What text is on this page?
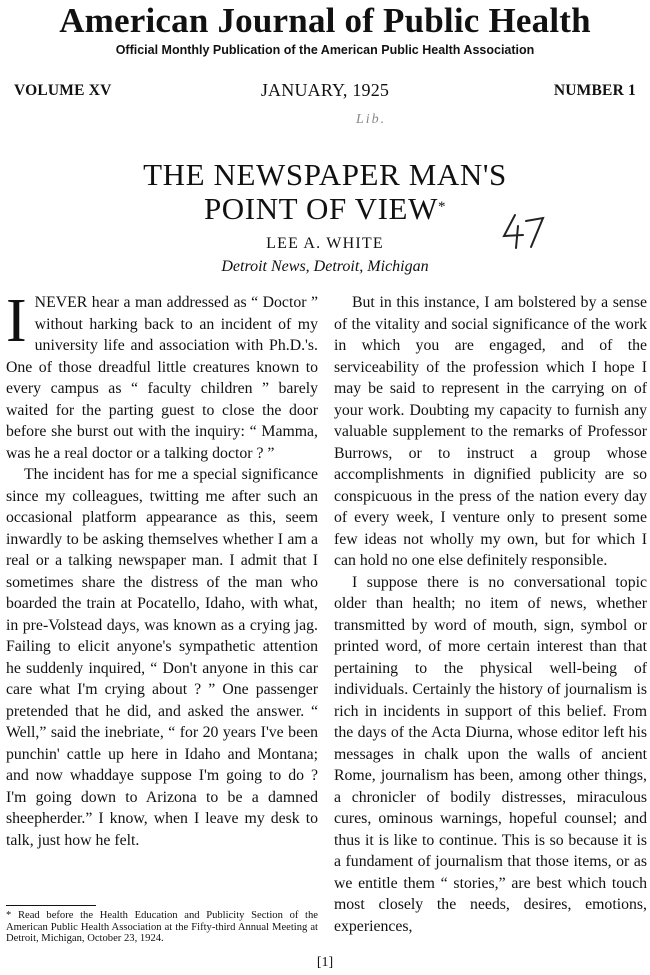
American Journal of Public Health
Official Monthly Publication of the American Public Health Association
VOLUME XV	JANUARY, 1925	NUMBER 1
Lib.
THE NEWSPAPER MAN'S
POINT OF VIEW*
LEE A. WHITE
Detroit News, Detroit, Michigan

INEVER hear a man addressed as “ Doctor ” without harking back to an incident of my university life and association with Ph.D.'s. One of those dreadful little creatures known to every campus as “ faculty children ” barely waited for the parting guest to close the door before she burst out with the inquiry: “ Mamma, was he a real doctor or a talking doctor ? ”

The incident has for me a special significance since my colleagues, twitting me after such an occasional platform appearance as this, seem inwardly to be asking themselves whether I am a real or a talking newspaper man. I admit that I sometimes share the distress of the man who boarded the train at Pocatello, Idaho, with what, in pre-Volstead days, was known as a crying jag. Failing to elicit anyone's sympathetic attention he suddenly inquired, “ Don't anyone in this car care what I'm crying about ? ” One passenger pretended that he did, and asked the answer. “ Well,” said the inebriate, “ for 20 years I've been punchin' cattle up here in Idaho and Montana; and now whaddaye suppose I'm going to do ? I'm going down to Arizona to be a damned sheepherder.” I know, when I leave my desk to talk, just how he felt.

But in this instance, I am bolstered by a sense of the vitality and social significance of the work in which you are engaged, and of the serviceability of the profession which I hope I may be said to represent in the carrying on of your work. Doubting my capacity to furnish any valuable supplement to the remarks of Professor Burrows, or to instruct a group whose accomplishments in dignified publicity are so conspicuous in the press of the nation every day of every week, I venture only to present some few ideas not wholly my own, but for which I can hold no one else definitely responsible.

I suppose there is no conversational topic older than health; no item of news, whether transmitted by word of mouth, sign, symbol or printed word, of more certain interest than that pertaining to the physical well-being of individuals. Certainly the history of journalism is rich in incidents in support of this belief. From the days of the Acta Diurna, whose editor left his messages in chalk upon the walls of ancient Rome, journalism has been, among other things, a chronicler of bodily distresses, miraculous cures, ominous warnings, hopeful counsel; and thus it is like to continue. This is so because it is a fundament of journalism that those items, or as we entitle them “ stories,” are best which touch most closely the needs, desires, emotions, experiences,

* Read before the Health Education and Publicity Section of the American Public Health Association at the Fifty-third Annual Meeting at Detroit, Michigan, October 23, 1924.
[1]
